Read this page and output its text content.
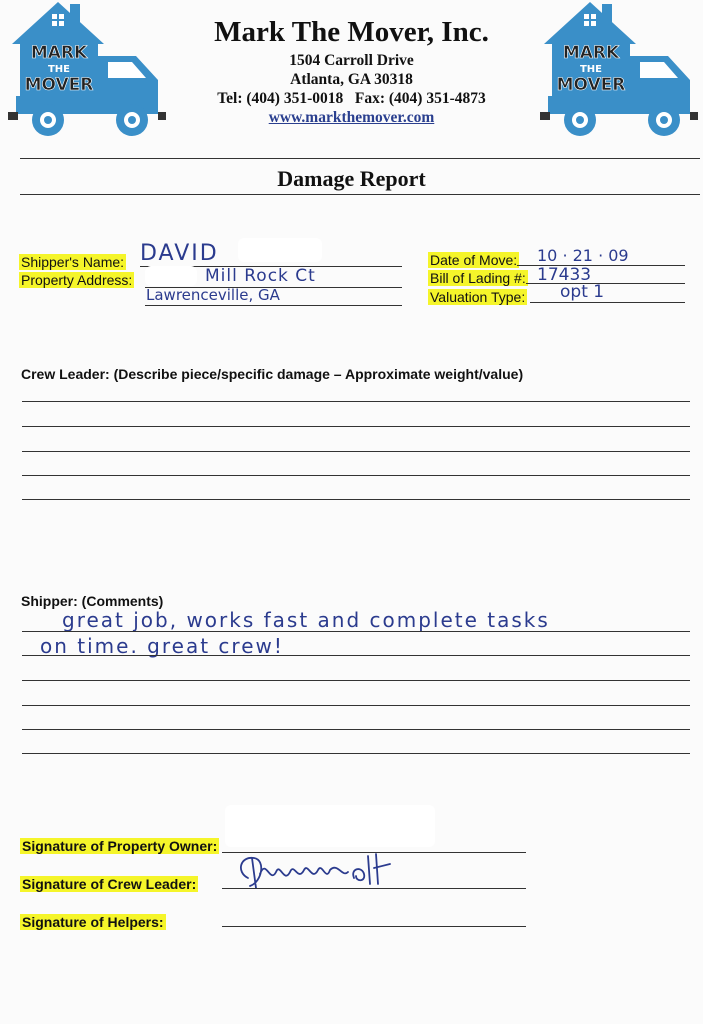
MARK
THE
MOVER
MARK
THE
MOVER
Mark The Mover, Inc.
1504 Carroll Drive
Atlanta, GA 30318
Tel: (404) 351-0018   Fax: (404) 351-4873
www.markthemover.com
Damage Report
Shipper's Name: DAVID
Property Address:	Mill Rock Ct
Lawrenceville, GA
Date of Move: 10 · 21 · 09
Bill of Lading #: 17433
Valuation Type: opt 1
Crew Leader: (Describe piece/specific damage – Approximate weight/value)
Shipper: (Comments)
great job, works fast and complete tasks
on time. great crew!
Signature of Property Owner:
Signature of Crew Leader:
Signature of Helpers:
